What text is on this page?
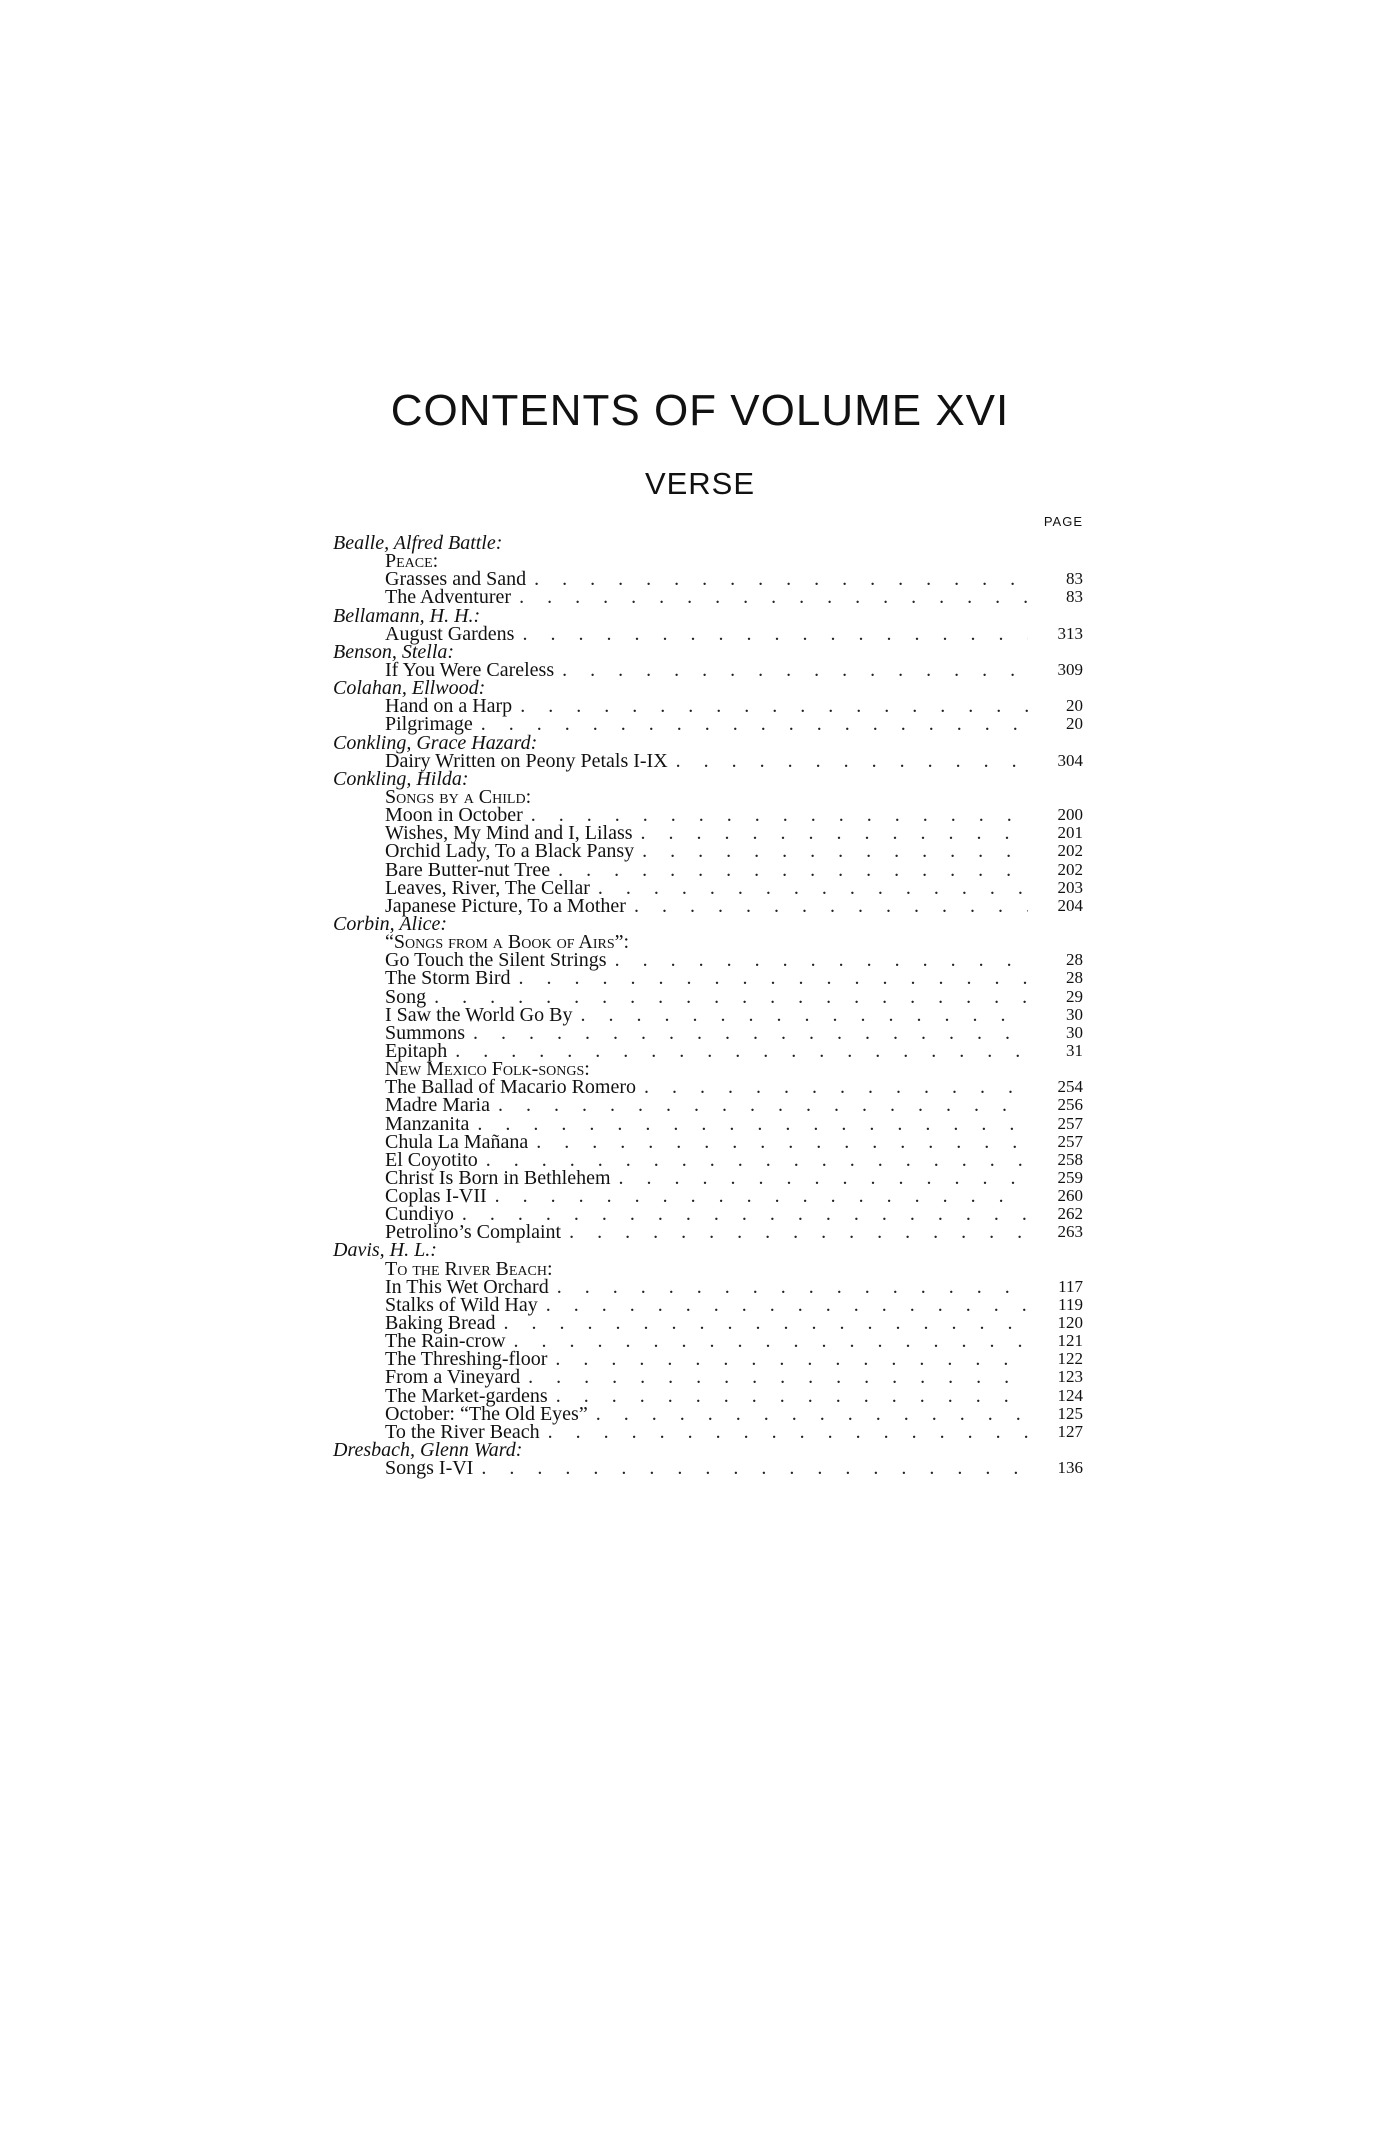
CONTENTS OF VOLUME XVI
VERSE
PAGE
Bealle, Alfred Battle:
Peace:
Grasses and Sand . . .	83
The Adventurer . . .	83
Bellamann, H. H.:
August Gardens . . .	313
Benson, Stella:
If You Were Careless . . .	309
Colahan, Ellwood:
Hand on a Harp . . .	20
Pilgrimage . . .	20
Conkling, Grace Hazard:
Dairy Written on Peony Petals I-IX . . .	304
Conkling, Hilda:
Songs by a Child:
Moon in October . . .	200
Wishes, My Mind and I, Lilass . . .	201
Orchid Lady, To a Black Pansy . . .	202
Bare Butter-nut Tree . . .	202
Leaves, River, The Cellar . . .	203
Japanese Picture, To a Mother . . .	204
Corbin, Alice:
“Songs from a Book of Airs”:
Go Touch the Silent Strings . . .	28
The Storm Bird . . .	28
Song . . .	29
I Saw the World Go By . . .	30
Summons . . .	30
Epitaph . . .	31
New Mexico Folk-songs:
The Ballad of Macario Romero . . .	254
Madre Maria . . .	256
Manzanita . . .	257
Chula La Mañana . . .	257
El Coyotito . . .	258
Christ Is Born in Bethlehem . . .	259
Coplas I-VII . . .	260
Cundiyo . . .	262
Petrolino’s Complaint . . .	263
Davis, H. L.:
To the River Beach:
In This Wet Orchard . . .	117
Stalks of Wild Hay . . .	119
Baking Bread . . .	120
The Rain-crow . . .	121
The Threshing-floor . . .	122
From a Vineyard . . .	123
The Market-gardens . . .	124
October: “The Old Eyes” . . .	125
To the River Beach . . .	127
Dresbach, Glenn Ward:
Songs I-VI . . .	136
